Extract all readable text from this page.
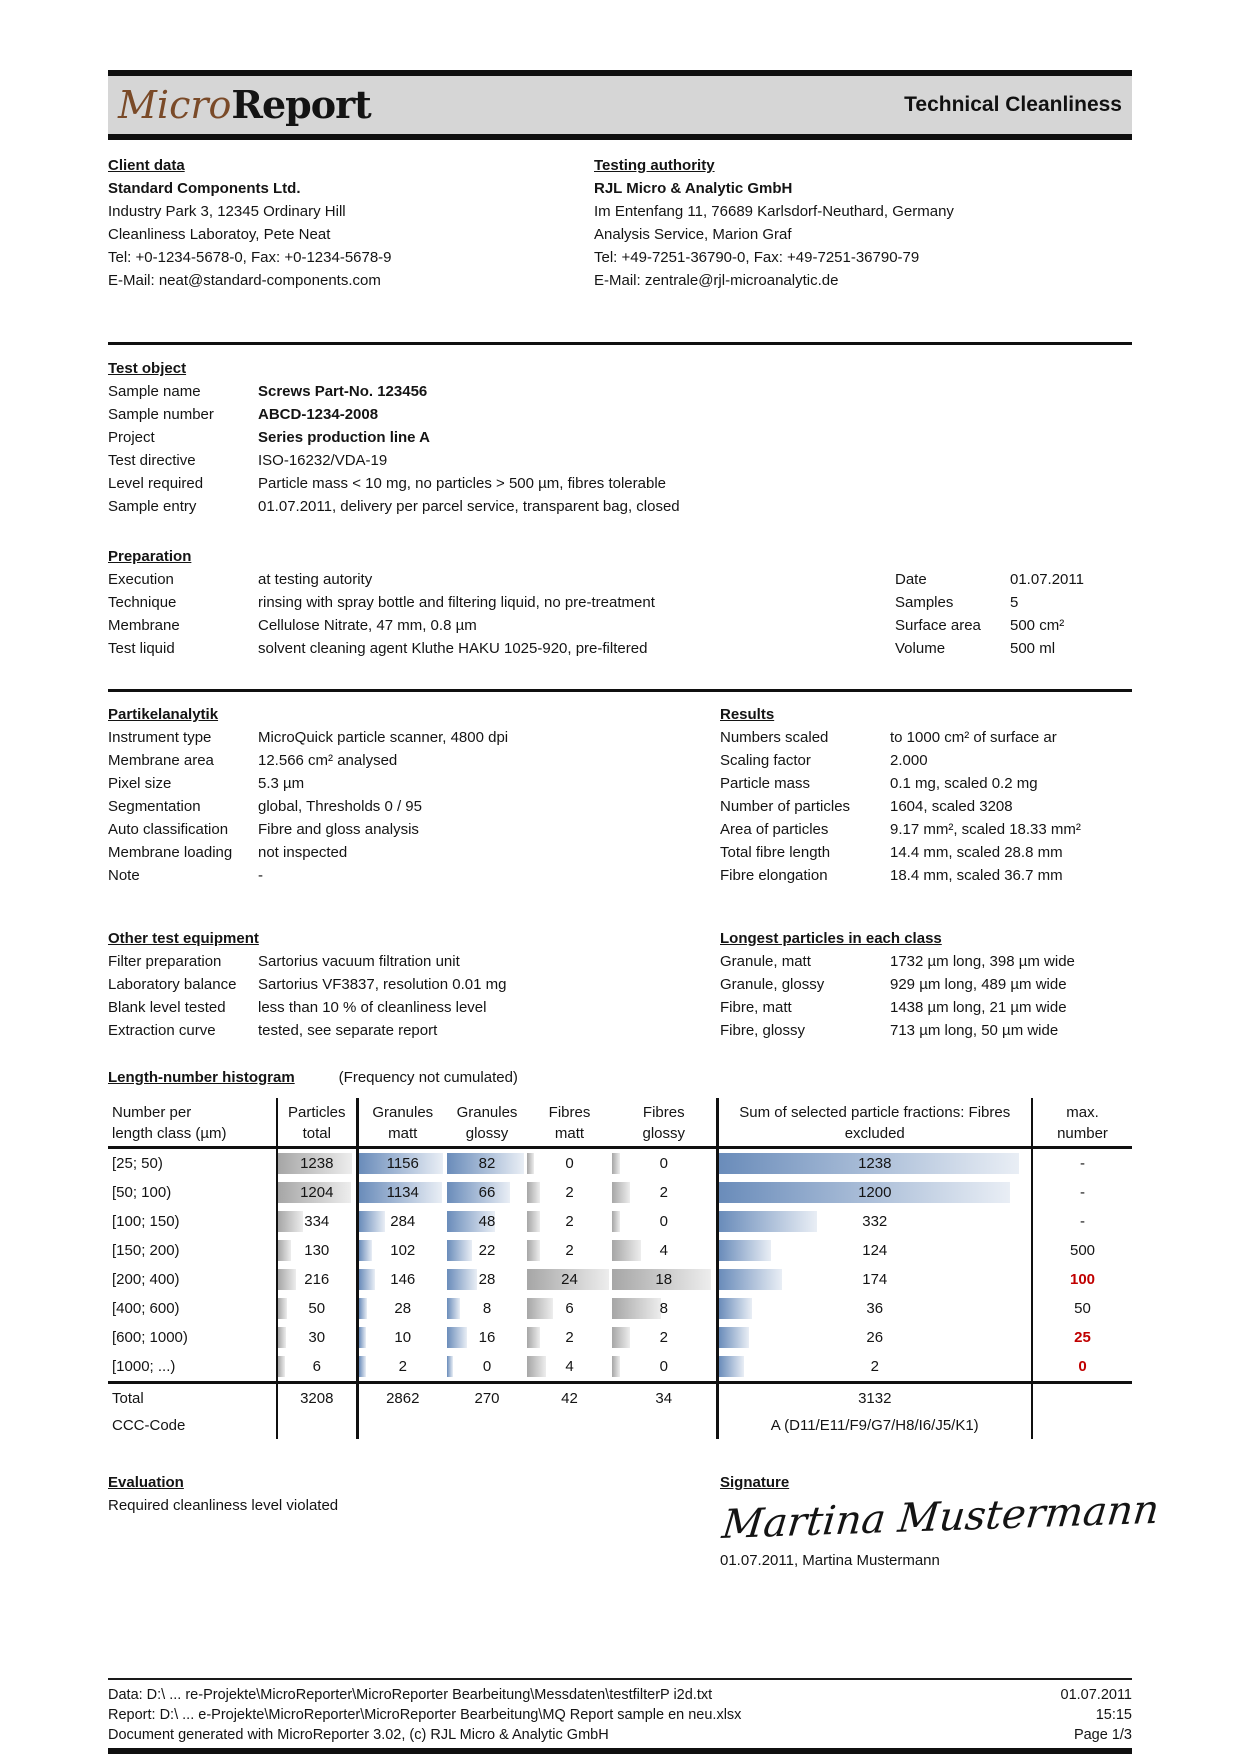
MicroReport	Technical Cleanliness
Client data
Standard Components Ltd.
Industry Park 3, 12345 Ordinary Hill
Cleanliness Laboratoy, Pete Neat
Tel: +0-1234-5678-0, Fax: +0-1234-5678-9
E-Mail: neat@standard-components.com
Testing authority
RJL Micro & Analytic GmbH
Im Entenfang 11, 76689 Karlsdorf-Neuthard, Germany
Analysis Service, Marion Graf
Tel: +49-7251-36790-0, Fax: +49-7251-36790-79
E-Mail: zentrale@rjl-microanalytic.de
Test object
Sample name	Screws Part-No. 123456
Sample number	ABCD-1234-2008
Project	Series production line A
Test directive	ISO-16232/VDA-19
Level required	Particle mass < 10 mg, no particles > 500 µm, fibres tolerable
Sample entry	01.07.2011, delivery per parcel service, transparent bag, closed
Preparation
Execution	at testing autority	Date	01.07.2011
Technique	rinsing with spray bottle and filtering liquid, no pre-treatment	Samples	5
Membrane	Cellulose Nitrate, 47 mm, 0.8 µm	Surface area	500 cm²
Test liquid	solvent cleaning agent Kluthe HAKU 1025-920, pre-filtered	Volume	500 ml
Partikelanalytik
Instrument type	MicroQuick particle scanner, 4800 dpi
Membrane area	12.566 cm² analysed
Pixel size	5.3 µm
Segmentation	global, Thresholds 0 / 95
Auto classification	Fibre and gloss analysis
Membrane loading	not inspected
Note	-
Results
Numbers scaled	to 1000 cm² of surface ar
Scaling factor	2.000
Particle mass	0.1 mg, scaled 0.2 mg
Number of particles	1604, scaled 3208
Area of particles	9.17 mm², scaled 18.33 mm²
Total fibre length	14.4 mm, scaled 28.8 mm
Fibre elongation	18.4 mm, scaled 36.7 mm
Other test equipment
Filter preparation	Sartorius vacuum filtration unit
Laboratory balance	Sartorius VF3837, resolution 0.01 mg
Blank level tested	less than 10 % of cleanliness level
Extraction curve	tested, see separate report
Longest particles in each class
Granule, matt	1732 µm long, 398 µm wide
Granule, glossy	929 µm long, 489 µm wide
Fibre, matt	1438 µm long, 21 µm wide
Fibre, glossy	713 µm long, 50 µm wide
Length-number histogram	(Frequency not cumulated)
Number per
length class (µm)

Particles
total

Granules
matt

Granules
glossy

Fibres
matt

Fibres
glossy

Sum of selected particle fractions: Fibres
excluded

max.
number

[25; 50)	1238	1156	82	0	0	1238	-
[50; 100)	1204	1134	66	2	2	1200	-
[100; 150)	334	284	48	2	0	332	-
[150; 200)	130	102	22	2	4	124	500
[200; 400)	216	146	28	24	18	174	100
[400; 600)	50	28	8	6	8	36	50
[600; 1000)	30	10	16	2	2	26	25
[1000; ...)	6	2	0	4	0	2	0
Total	3208	2862	270	42	34	3132	
CCC-Code						A (D11/E11/F9/G7/H8/I6/J5/K1)	
Evaluation
Required cleanliness level violated
Signature
Martina Mustermann
01.07.2011, Martina Mustermann
Data: D:\ ... re-Projekte\MicroReporter\MicroReporter Bearbeitung\Messdaten\testfilterP i2d.txt	01.07.2011
Report: D:\ ... e-Projekte\MicroReporter\MicroReporter Bearbeitung\MQ Report sample en neu.xlsx	15:15
Document generated with MicroReporter 3.02, (c) RJL Micro & Analytic GmbH	Page 1/3
